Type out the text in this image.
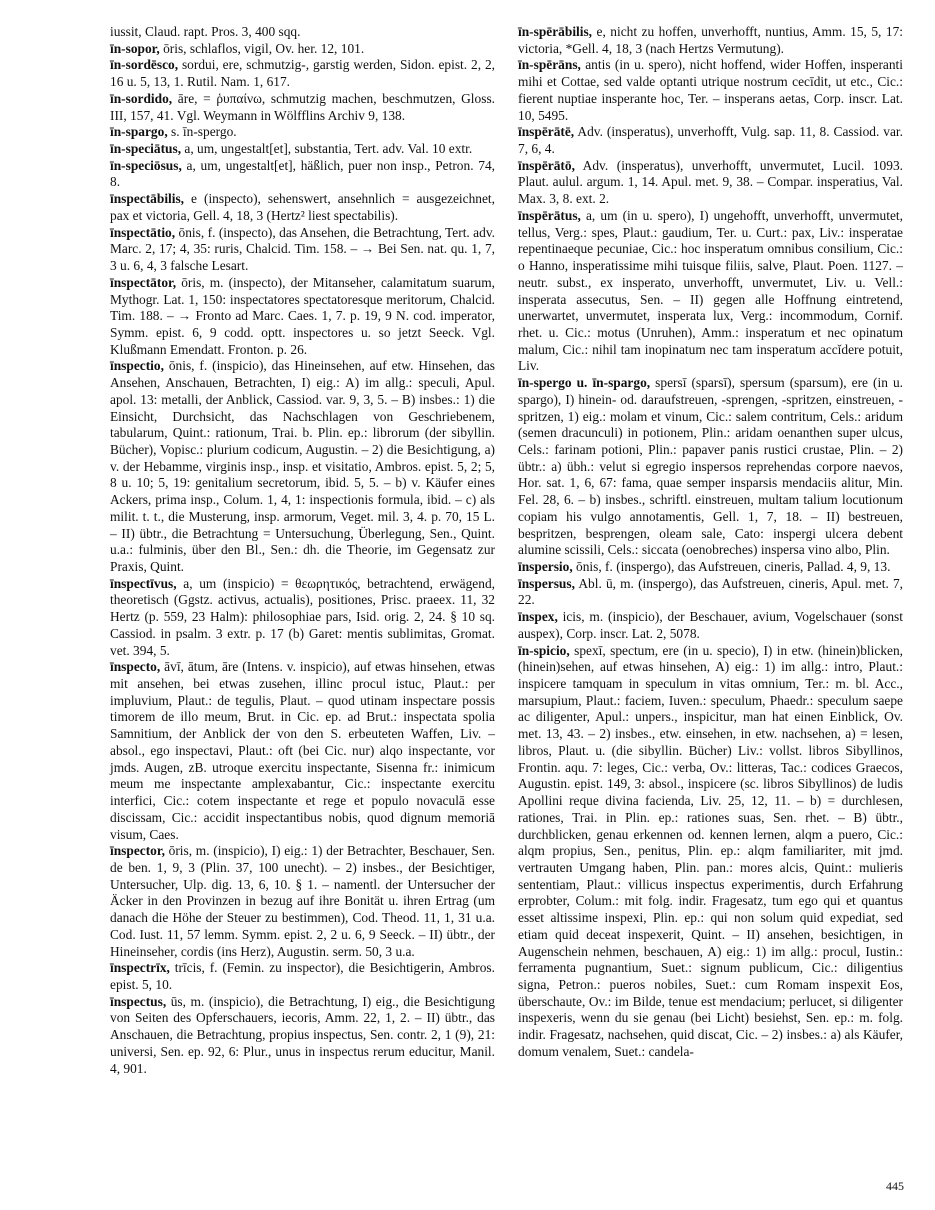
iussit, Claud. rapt. Pros. 3, 400 sqq.

īn-sopor, ōris, schlaflos, vigil, Ov. her. 12, 101.

īn-sordēsco, sordui, ere, schmutzig-, garstig werden, Sidon. epist. 2, 2, 16 u. 5, 13, 1. Rutil. Nam. 1, 617.

īn-sordido, āre, = ῥυπαίνω, schmutzig machen, beschmutzen, Gloss. III, 157, 41. Vgl. Weymann in Wölfflins Archiv 9, 138.

īn-spargo, s. īn-spergo.

īn-speciātus, a, um, ungestalt[et], substantia, Tert. adv. Val. 10 extr.

īn-speciōsus, a, um, ungestalt[et], häßlich, puer non insp., Petron. 74, 8.

īnspectābilis, e (inspecto), sehenswert, ansehnlich = ausgezeichnet, pax et victoria, Gell. 4, 18, 3 (Hertz² liest spectabilis).

īnspectātio, ōnis, f. (inspecto), das Ansehen, die Betrachtung, Tert. adv. Marc. 2, 17; 4, 35: ruris, Chalcid. Tim. 158. – → Bei Sen. nat. qu. 1, 7, 3 u. 6, 4, 3 falsche Lesart.

īnspectātor, ōris, m. (inspecto), der Mitanseher, calamitatum suarum, Mythogr. Lat. 1, 150: inspectatores spectatoresque meritorum, Chalcid. Tim. 188. – → Fronto ad Marc. Caes. 1, 7. p. 19, 9 N. cod. imperator, Symm. epist. 6, 9 codd. optt. inspectores u. so jetzt Seeck. Vgl. Klußmann Emendatt. Fronton. p. 26.

īnspectio, ōnis, f. (inspicio), das Hineinsehen, auf etw. Hinsehen, das Ansehen, Anschauen, Betrachten, I) eig.: A) im allg.: speculi, Apul. apol. 13: metalli, der Anblick, Cassiod. var. 9, 3, 5. – B) insbes.: 1) die Einsicht, Durchsicht, das Nachschlagen von Geschriebenem, tabularum, Quint.: rationum, Trai. b. Plin. ep.: librorum (der sibyllin. Bücher), Vopisc.: plurium codicum, Augustin. – 2) die Besichtigung, a) v. der Hebamme, virginis insp., insp. et visitatio, Ambros. epist. 5, 2; 5, 8 u. 10; 5, 19: genitalium secretorum, ibid. 5, 5. – b) v. Käufer eines Ackers, prima insp., Colum. 1, 4, 1: inspectionis formula, ibid. – c) als milit. t. t., die Musterung, insp. armorum, Veget. mil. 3, 4. p. 70, 15 L. – II) übtr., die Betrachtung = Untersuchung, Überlegung, Sen., Quint. u.a.: fulminis, über den Bl., Sen.: dh. die Theorie, im Gegensatz zur Praxis, Quint.

īnspectīvus, a, um (inspicio) = θεωρητικός, betrachtend, erwägend, theoretisch (Ggstz. activus, actualis), positiones, Prisc. praeex. 11, 32 Hertz (p. 559, 23 Halm): philosophiae pars, Isid. orig. 2, 24. § 10 sq. Cassiod. in psalm. 3 extr. p. 17 (b) Garet: mentis sublimitas, Gromat. vet. 394, 5.

īnspecto, āvī, ātum, āre (Intens. v. inspicio), auf etwas hinsehen, etwas mit ansehen, bei etwas zusehen, illinc procul istuc, Plaut.: per impluvium, Plaut.: de tegulis, Plaut. – quod utinam inspectare possis timorem de illo meum, Brut. in Cic. ep. ad Brut.: inspectata spolia Samnitium, der Anblick der von den S. erbeuteten Waffen, Liv. – absol., ego inspectavi, Plaut.: oft (bei Cic. nur) alqo inspectante, vor jmds. Augen, zB. utroque exercitu inspectante, Sisenna fr.: inimicum meum me inspectante amplexabantur, Cic.: inspectante exercitu interfici, Cic.: cotem inspectante et rege et populo novaculā esse discissam, Cic.: accidit inspectantibus nobis, quod dignum memoriā visum, Caes.

īnspector, ōris, m. (inspicio), I) eig.: 1) der Betrachter, Beschauer, Sen. de ben. 1, 9, 3 (Plin. 37, 100 unecht). – 2) insbes., der Besichtiger, Untersucher, Ulp. dig. 13, 6, 10. § 1. – namentl. der Untersucher der Äcker in den Provinzen in bezug auf ihre Bonität u. ihren Ertrag (um danach die Höhe der Steuer zu bestimmen), Cod. Theod. 11, 1, 31 u.a. Cod. Iust. 11, 57 lemm. Symm. epist. 2, 2 u. 6, 9 Seeck. – II) übtr., der Hineinseher, cordis (ins Herz), Augustin. serm. 50, 3 u.a.

īnspectrīx, trīcis, f. (Femin. zu inspector), die Besichtigerin, Ambros. epist. 5, 10.

īnspectus, ūs, m. (inspicio), die Betrachtung, I) eig., die Besichtigung von Seiten des Opferschauers, iecoris, Amm. 22, 1, 2. – II) übtr., das Anschauen, die Betrachtung, propius inspectus, Sen. contr. 2, 1 (9), 21: universi, Sen. ep. 92, 6: Plur., unus in inspectus rerum educitur, Manil. 4, 901.

īn-spērābilis, e, nicht zu hoffen, unverhofft, nuntius, Amm. 15, 5, 17: victoria, *Gell. 4, 18, 3 (nach Hertzs Vermutung).

īn-spērāns, antis (in u. spero), nicht hoffend, wider Hoffen, insperanti mihi et Cottae, sed valde optanti utrique nostrum cecīdit, ut etc., Cic.: fierent nuptiae insperante hoc, Ter. – insperans aetas, Corp. inscr. Lat. 10, 5495.

īnspērātē, Adv. (insperatus), unverhofft, Vulg. sap. 11, 8. Cassiod. var. 7, 6, 4.

īnspērātō, Adv. (insperatus), unverhofft, unvermutet, Lucil. 1093. Plaut. aulul. argum. 1, 14. Apul. met. 9, 38. – Compar. insperatius, Val. Max. 3, 8. ext. 2.

īnspērātus, a, um (in u. spero), I) ungehofft, unverhofft, unvermutet, tellus, Verg.: spes, Plaut.: gaudium, Ter. u. Curt.: pax, Liv.: insperatae repentinaeque pecuniae, Cic.: hoc insperatum omnibus consilium, Cic.: o Hanno, insperatissime mihi tuisque filiis, salve, Plaut. Poen. 1127. – neutr. subst., ex insperato, unverhofft, unvermutet, Liv. u. Vell.: insperata assecutus, Sen. – II) gegen alle Hoffnung eintretend, unerwartet, unvermutet, insperata lux, Verg.: incommodum, Cornif. rhet. u. Cic.: motus (Unruhen), Amm.: insperatum et nec opinatum malum, Cic.: nihil tam inopinatum nec tam insperatum accĭdere potuit, Liv.

īn-spergo u. īn-spargo, spersī (sparsī), spersum (sparsum), ere (in u. spargo), I) hinein- od. daraufstreuen, -sprengen, -spritzen, einstreuen, -spritzen, 1) eig.: molam et vinum, Cic.: salem contritum, Cels.: aridum (semen dracunculi) in potionem, Plin.: aridam oenanthen super ulcus, Cels.: farinam potioni, Plin.: papaver panis rustici crustae, Plin. – 2) übtr.: a) übh.: velut si egregio inspersos reprehendas corpore naevos, Hor. sat. 1, 6, 67: fama, quae semper insparsis mendaciis alitur, Min. Fel. 28, 6. – b) insbes., schriftl. einstreuen, multam talium locutionum copiam his vulgo annotamentis, Gell. 1, 7, 18. – II) bestreuen, bespritzen, besprengen, oleam sale, Cato: inspergi ulcera debent alumine scissili, Cels.: siccata (oenobreches) inspersa vino albo, Plin.

īnspersio, ōnis, f. (inspergo), das Aufstreuen, cineris, Pallad. 4, 9, 13.

īnspersus, Abl. ū, m. (inspergo), das Aufstreuen, cineris, Apul. met. 7, 22.

īnspex, icis, m. (inspicio), der Beschauer, avium, Vogelschauer (sonst auspex), Corp. inscr. Lat. 2, 5078.

īn-spicio, spexī, spectum, ere (in u. specio), I) in etw. (hinein)blicken, (hinein)sehen, auf etwas hinsehen, A) eig.: 1) im allg.: intro, Plaut.: inspicere tamquam in speculum in vitas omnium, Ter.: m. bl. Acc., marsupium, Plaut.: faciem, Iuven.: speculum, Phaedr.: speculum saepe ac diligenter, Apul.: unpers., inspicitur, man hat einen Einblick, Ov. met. 13, 43. – 2) insbes., etw. einsehen, in etw. nachsehen, a) = lesen, libros, Plaut. u. (die sibyllin. Bücher) Liv.: vollst. libros Sibyllinos, Frontin. aqu. 7: leges, Cic.: verba, Ov.: litteras, Tac.: codices Graecos, Augustin. epist. 149, 3: absol., inspicere (sc. libros Sibyllinos) de ludis Apollini reque divina facienda, Liv. 25, 12, 11. – b) = durchlesen, rationes, Trai. in Plin. ep.: rationes suas, Sen. rhet. – B) übtr., durchblicken, genau erkennen od. kennen lernen, alqm a puero, Cic.: alqm propius, Sen., penitus, Plin. ep.: alqm familiariter, mit jmd. vertrauten Umgang haben, Plin. pan.: mores alcis, Quint.: mulieris sententiam, Plaut.: villicus inspectus experimentis, durch Erfahrung erprobter, Colum.: mit folg. indir. Fragesatz, tum ego qui et quantus esset altissime inspexi, Plin. ep.: qui non solum quid expediat, sed etiam quid deceat inspexerit, Quint. – II) ansehen, besichtigen, in Augenschein nehmen, beschauen, A) eig.: 1) im allg.: procul, Iustin.: ferramenta pugnantium, Suet.: signum publicum, Cic.: diligentius signa, Petron.: pueros nobiles, Suet.: cum Romam inspexit Eos, überschaute, Ov.: im Bilde, tenue est mendacium; perlucet, si diligenter inspexeris, wenn du sie genau (bei Licht) besiehst, Sen. ep.: m. folg. indir. Fragesatz, nachsehen, quid discat, Cic. – 2) insbes.: a) als Käufer, domum venalem, Suet.: candela-

445
